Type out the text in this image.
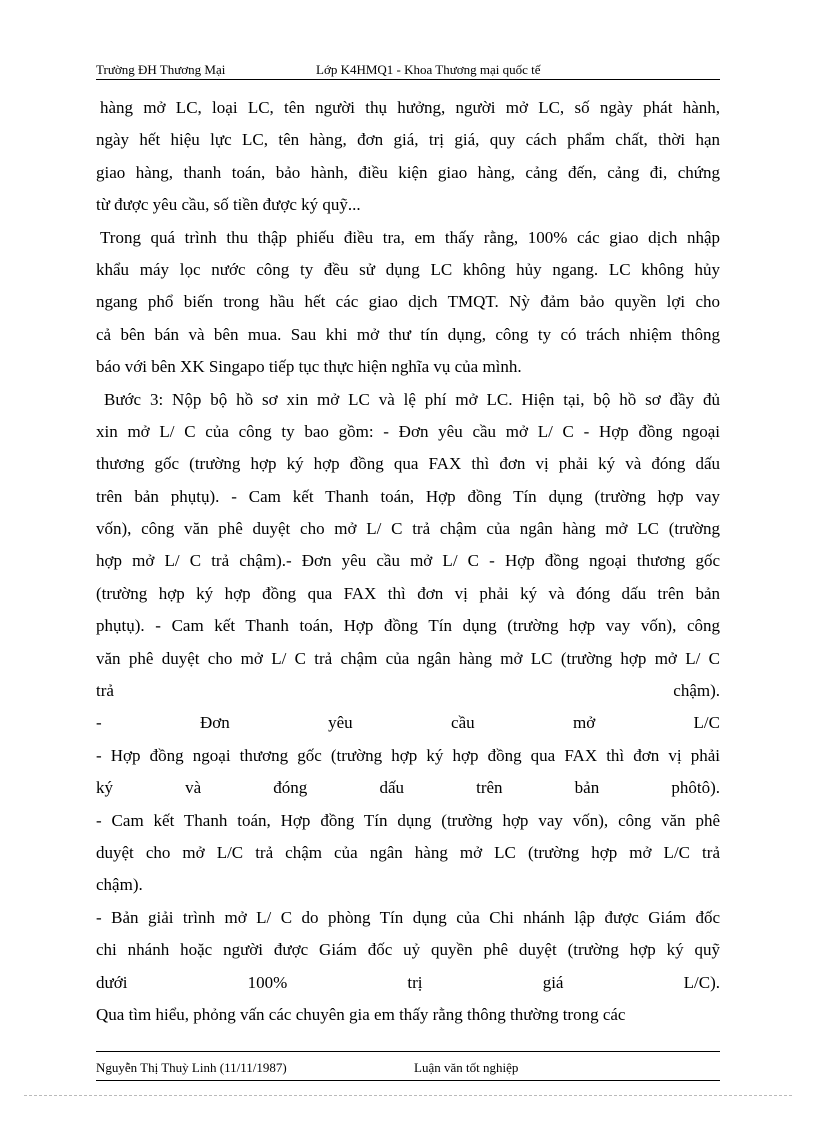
Trường ĐH Thương Mại	Lớp K4HMQ1 - Khoa Thương mại quốc tế
hàng mở LC, loại LC, tên người thụ hưởng, người mở LC, số ngày phát hành,
ngày hết hiệu lực LC, tên hàng, đơn giá, trị giá, quy cách phẩm chất, thời hạn
giao hàng, thanh toán, bảo hành, điều kiện giao hàng, cảng đến, cảng đi, chứng
từ được yêu cầu, số tiền được ký quỹ...
Trong quá trình thu thập phiếu điều tra, em thấy rằng, 100% các giao dịch nhập
khẩu máy lọc nước công ty đều sử dụng LC không hủy ngang. LC không hủy
ngang phổ biến trong hầu hết các giao dịch TMQT. Nỳ đảm bảo quyền lợi cho
cả bên bán và bên mua. Sau khi mở thư tín dụng, công ty có trách nhiệm thông
báo với bên XK Singapo tiếp tục thực hiện nghĩa vụ của mình.
Bước 3: Nộp bộ hồ sơ xin mở LC và lệ phí mở LC. Hiện tại, bộ hồ sơ đầy đủ
xin mở L/ C của công ty bao gồm: - Đơn yêu cầu mở L/ C - Hợp đồng ngoại
thương gốc (trường hợp ký hợp đồng qua FAX thì đơn vị phải ký và đóng dấu
trên bản phụtụ). - Cam kết Thanh toán, Hợp đồng Tín dụng (trường hợp vay
vốn), công văn phê duyệt cho mở L/ C trả chậm của ngân hàng mở LC (trường
hợp mở L/ C trả chậm).- Đơn yêu cầu mở L/ C - Hợp đồng ngoại thương gốc
(trường hợp ký hợp đồng qua FAX thì đơn vị phải ký và đóng dấu trên bản
phụtụ). - Cam kết Thanh toán, Hợp đồng Tín dụng (trường hợp vay vốn), công
văn phê duyệt cho mở L/ C trả chậm của ngân hàng mở LC (trường hợp mở L/ C
trả chậm).
- Đơn yêu cầu mở L/C
- Hợp đồng ngoại thương gốc (trường hợp ký hợp đồng qua FAX thì đơn vị phải
ký và đóng dấu trên bản phôtô).
- Cam kết Thanh toán, Hợp đồng Tín dụng (trường hợp vay vốn), công văn phê
duyệt cho mở L/C trả chậm của ngân hàng mở LC (trường hợp mở L/C trả
chậm).
- Bản giải trình mở L/ C do phòng Tín dụng của Chi nhánh lập được Giám đốc
chi nhánh hoặc người được Giám đốc uỷ quyền phê duyệt (trường hợp ký quỹ
dưới 100% trị giá L/C).
Qua tìm hiểu, phỏng vấn các chuyên gia em thấy rằng thông thường trong các
Nguyễn Thị Thuỳ Linh (11/11/1987)	Luận văn tốt nghiệp
